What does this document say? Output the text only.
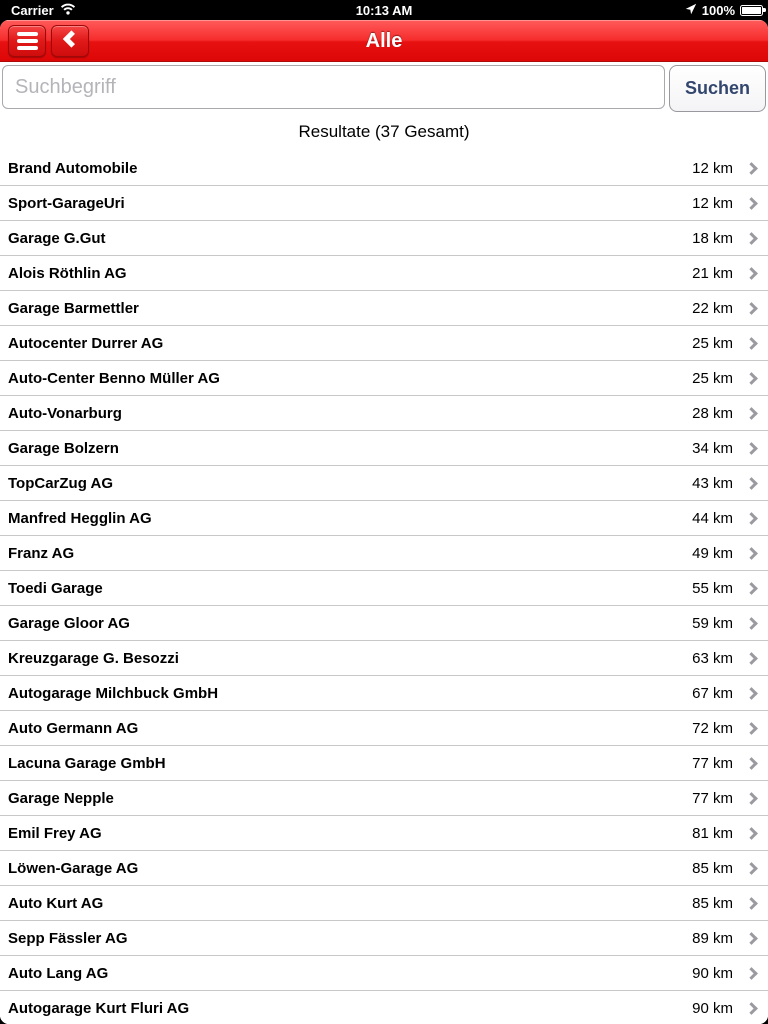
Carrier	10:13 AM	100%
Alle
Suchbegriff
Suchen
Resultate (37 Gesamt)
Brand Automobile	12 km
Sport-GarageUri	12 km
Garage G.Gut	18 km
Alois Röthlin AG	21 km
Garage Barmettler	22 km
Autocenter Durrer AG	25 km
Auto-Center Benno Müller AG	25 km
Auto-Vonarburg	28 km
Garage Bolzern	34 km
TopCarZug AG	43 km
Manfred Hegglin AG	44 km
Franz AG	49 km
Toedi Garage	55 km
Garage Gloor AG	59 km
Kreuzgarage G. Besozzi	63 km
Autogarage Milchbuck GmbH	67 km
Auto Germann AG	72 km
Lacuna Garage GmbH	77 km
Garage Nepple	77 km
Emil Frey AG	81 km
Löwen-Garage AG	85 km
Auto Kurt AG	85 km
Sepp Fässler AG	89 km
Auto Lang AG	90 km
Autogarage Kurt Fluri AG	90 km
